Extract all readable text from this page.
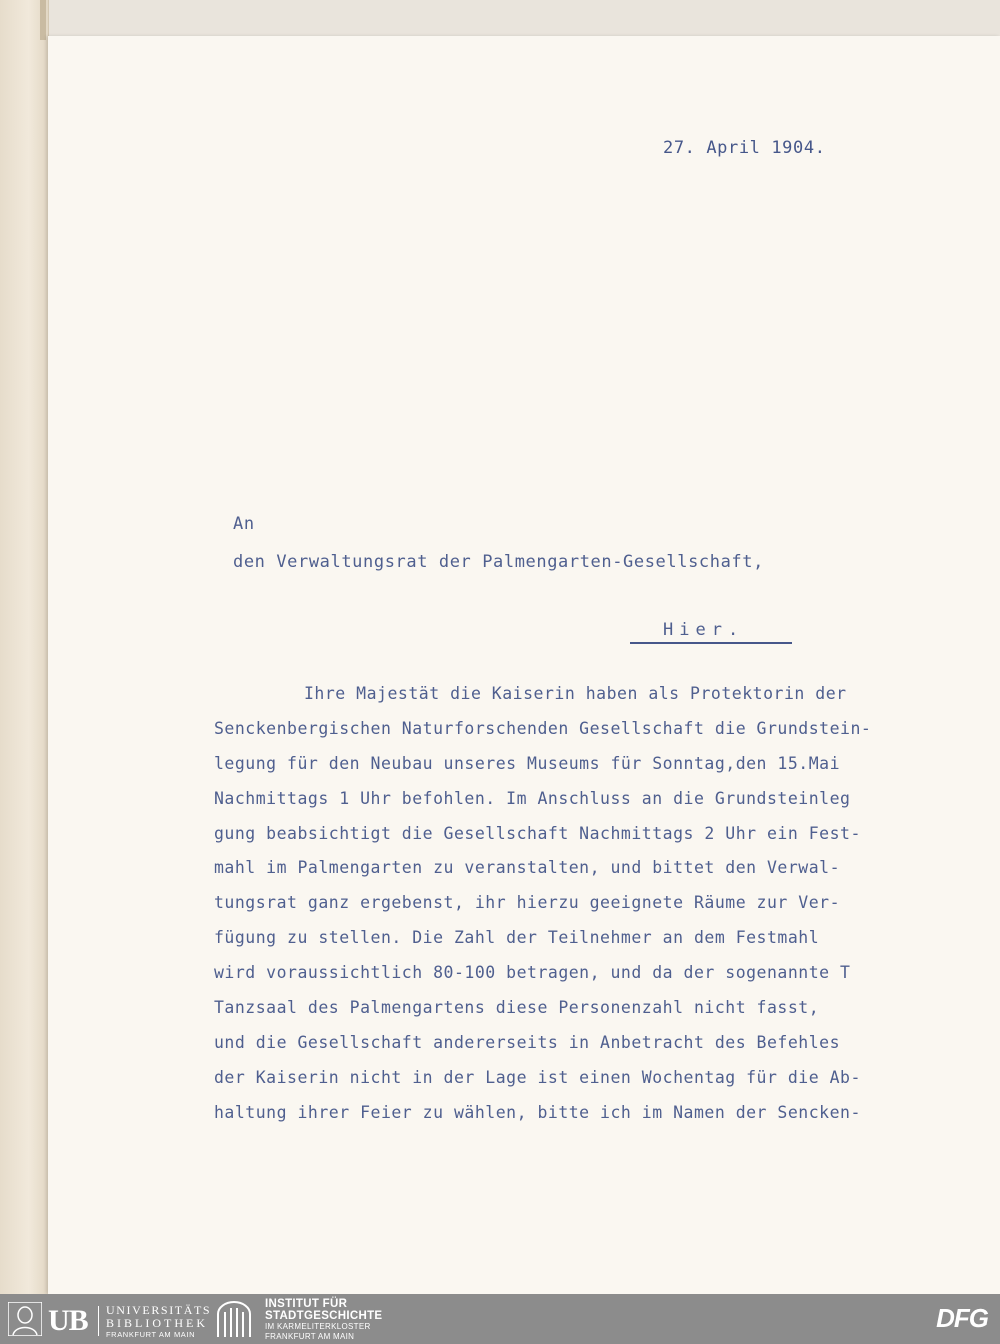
27. April 1904.
An
den Verwaltungsrat der Palmengarten-Gesellschaft,
Hier.
Ihre Majestät die Kaiserin haben als Protektorin der
Senckenbergischen Naturforschenden Gesellschaft die Grundstein-
legung für den Neubau unseres Museums für Sonntag,den 15.Mai
Nachmittags 1 Uhr befohlen. Im Anschluss an die Grundsteinleg
gung beabsichtigt die Gesellschaft Nachmittags 2 Uhr ein Fest-
mahl im Palmengarten zu veranstalten, und bittet den Verwal-
tungsrat ganz ergebenst, ihr hierzu geeignete Räume zur Ver-
fügung zu stellen. Die Zahl der Teilnehmer an dem Festmahl
wird voraussichtlich 80-100 betragen, und da der sogenannte T
Tanzsaal des Palmengartens diese Personenzahl nicht fasst,
und die Gesellschaft andererseits in Anbetracht des Befehles
der Kaiserin nicht in der Lage ist einen Wochentag für die Ab-
haltung ihrer Feier zu wählen, bitte ich im Namen der Sencken-
UB UNIVERSITÄTS
BIBLIOTHEK
FRANKFURT AM MAIN
INSTITUT FÜR
STADTGESCHICHTE
IM KARMELITERKLOSTER
FRANKFURT AM MAIN
DFG
